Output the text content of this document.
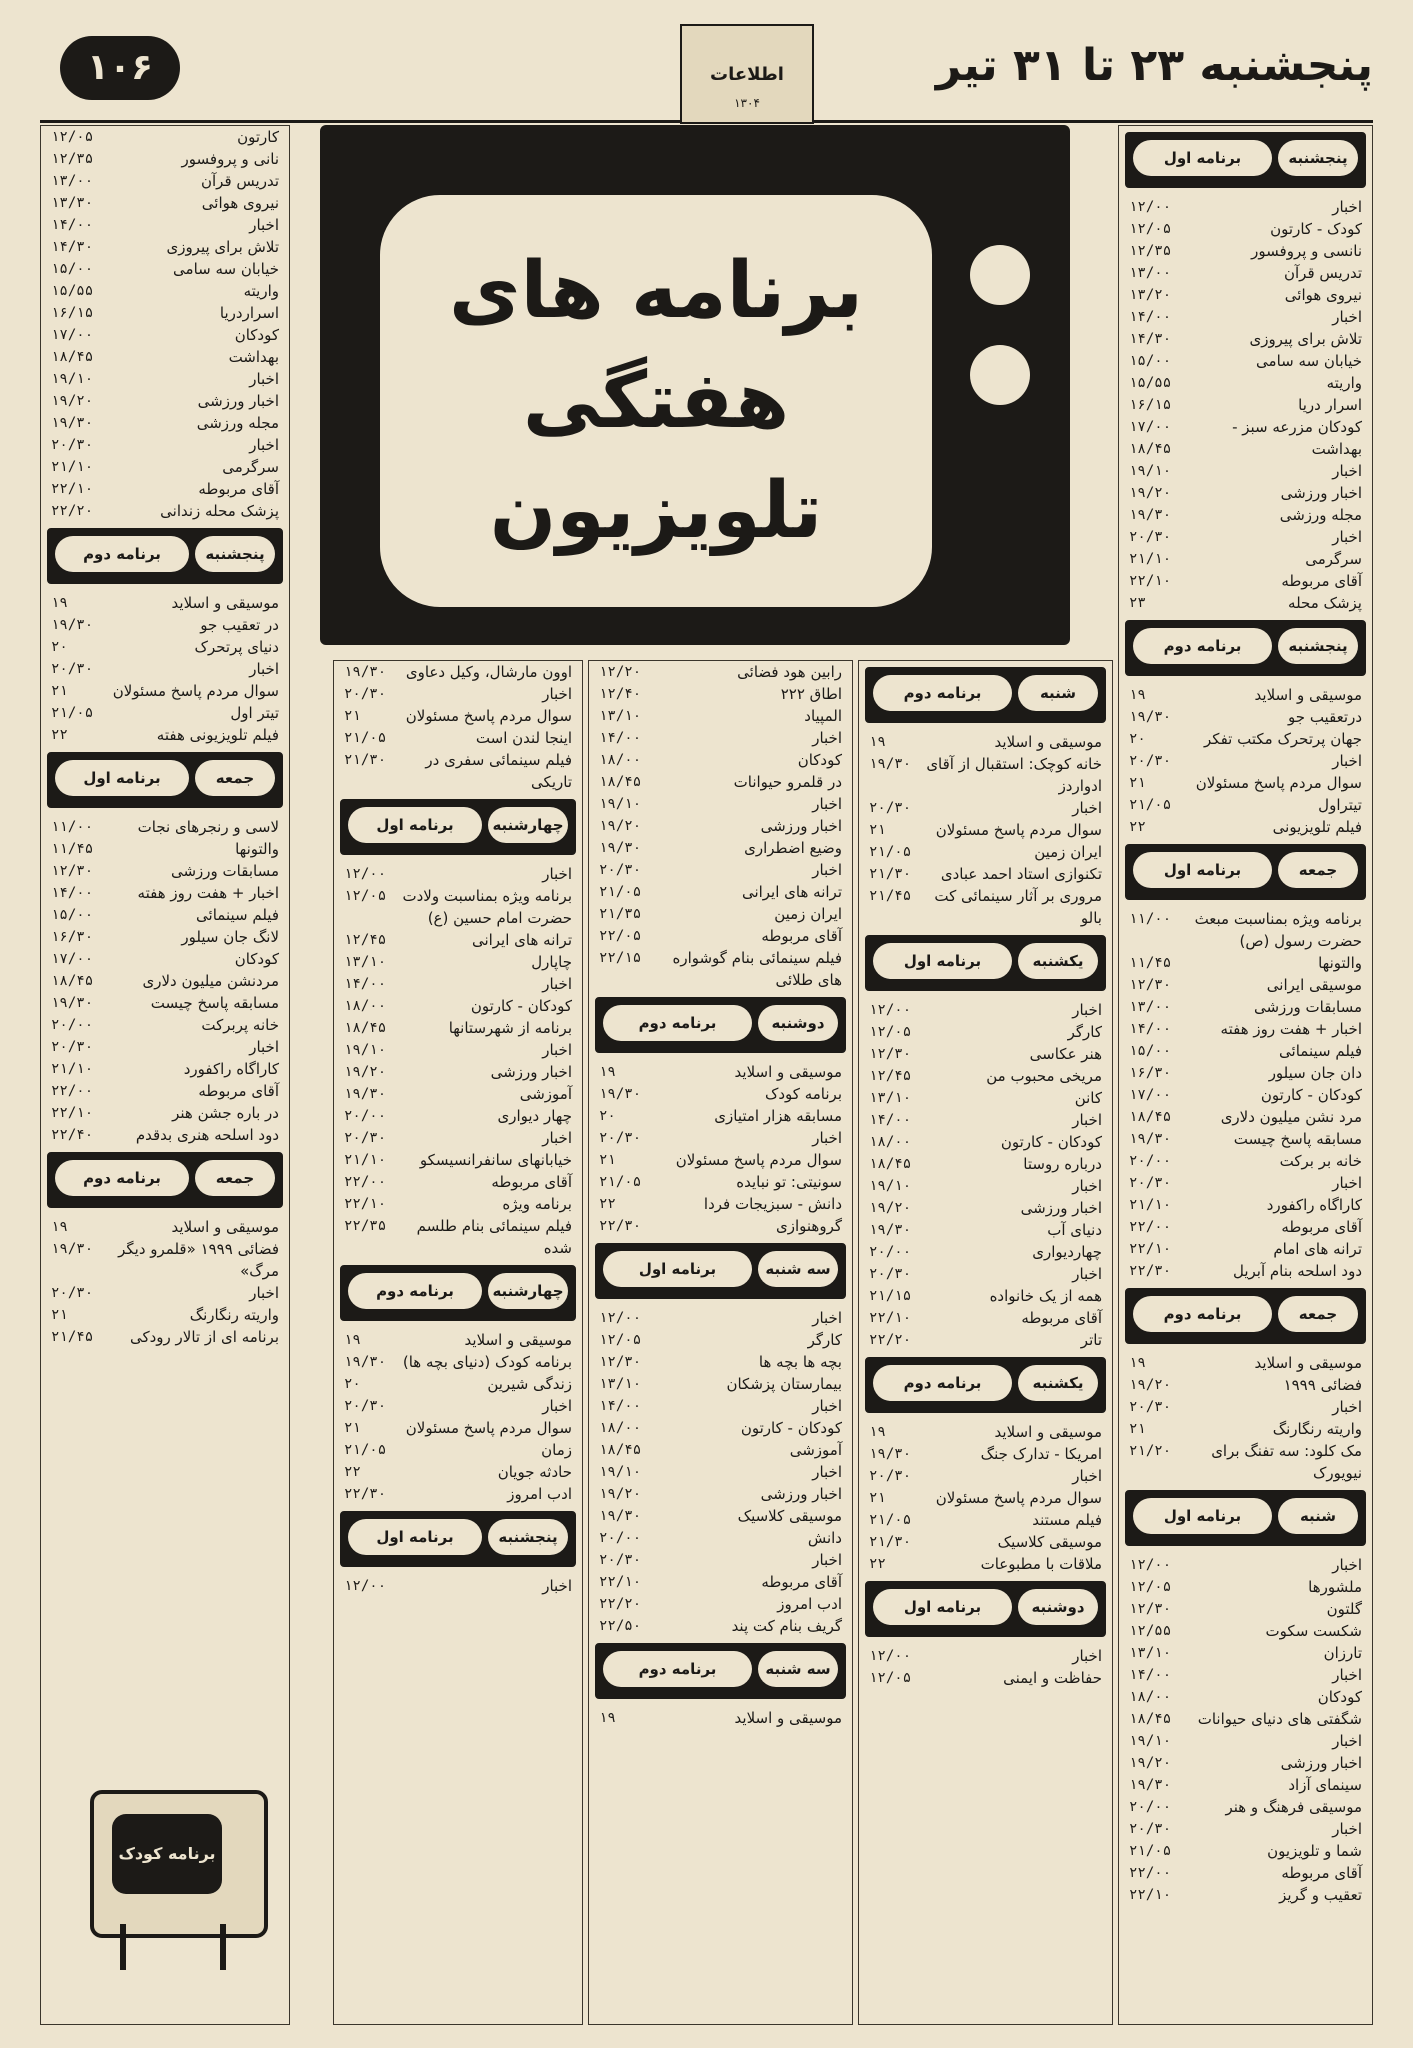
پنجشنبه ۲۳ تا ۳۱ تیر
اطلاعات
۱۳۰۴
۱۰۶
برنامه های
هفتگی
تلویزیون
پنجشنبه
برنامه اول
اخبار
۱۲/۰۰
کودک - کارتون
۱۲/۰۵
نانسی و پروفسور
۱۲/۳۵
تدریس قرآن
۱۳/۰۰
نیروی هوائی
۱۳/۲۰
اخبار
۱۴/۰۰
تلاش برای پیروزی
۱۴/۳۰
خیابان سه سامی
۱۵/۰۰
واریته
۱۵/۵۵
اسرار دریا
۱۶/۱۵
کودکان مزرعه سبز -
۱۷/۰۰
بهداشت
۱۸/۴۵
اخبار
۱۹/۱۰
اخبار ورزشی
۱۹/۲۰
مجله ورزشی
۱۹/۳۰
اخبار
۲۰/۳۰
سرگرمی
۲۱/۱۰
آقای مربوطه
۲۲/۱۰
پزشک محله
۲۳
پنجشنبه
برنامه دوم
موسیقی و اسلاید
۱۹
درتعقیب جو
۱۹/۳۰
جهان پرتحرک مکتب تفکر
۲۰
اخبار
۲۰/۳۰
سوال مردم پاسخ مسئولان
۲۱
تیتراول
۲۱/۰۵
فیلم تلویزیونی
۲۲
جمعه
برنامه اول
برنامه ویژه بمناسبت مبعث حضرت رسول (ص)
۱۱/۰۰
والتونها
۱۱/۴۵
موسیقی ایرانی
۱۲/۳۰
مسابقات ورزشی
۱۳/۰۰
اخبار + هفت روز هفته
۱۴/۰۰
فیلم سینمائی
۱۵/۰۰
دان جان سیلور
۱۶/۳۰
کودکان - کارتون
۱۷/۰۰
مرد نشن میلیون دلاری
۱۸/۴۵
مسابقه پاسخ چیست
۱۹/۳۰
خانه بر برکت
۲۰/۰۰
اخبار
۲۰/۳۰
کاراگاه راکفورد
۲۱/۱۰
آقای مربوطه
۲۲/۰۰
ترانه های امام
۲۲/۱۰
دود اسلحه بنام آبریل
۲۲/۳۰
جمعه
برنامه دوم
موسیقی و اسلاید
۱۹
فضائی ۱۹۹۹
۱۹/۲۰
اخبار
۲۰/۳۰
واریته رنگارنگ
۲۱
مک کلود: سه تفنگ برای نیویورک
۲۱/۲۰
شنبه
برنامه اول
اخبار
۱۲/۰۰
ملشورها
۱۲/۰۵
گلتون
۱۲/۳۰
شکست سکوت
۱۲/۵۵
تارزان
۱۳/۱۰
اخبار
۱۴/۰۰
کودکان
۱۸/۰۰
شگفتی های دنیای حیوانات
۱۸/۴۵
اخبار
۱۹/۱۰
اخبار ورزشی
۱۹/۲۰
سینمای آزاد
۱۹/۳۰
موسیقی فرهنگ و هنر
۲۰/۰۰
اخبار
۲۰/۳۰
شما و تلویزیون
۲۱/۰۵
آقای مربوطه
۲۲/۰۰
تعقیب و گریز
۲۲/۱۰
شنبه
برنامه دوم
موسیقی و اسلاید
۱۹
خانه کوچک: استقبال از آقای ادواردز
۱۹/۳۰
اخبار
۲۰/۳۰
سوال مردم پاسخ مسئولان
۲۱
ایران زمین
۲۱/۰۵
تکنوازی استاد احمد عبادی
۲۱/۳۰
مروری بر آثار سینمائی کت بالو
۲۱/۴۵
یکشنبه
برنامه اول
اخبار
۱۲/۰۰
کارگر
۱۲/۰۵
هنر عکاسی
۱۲/۳۰
مریخی محبوب من
۱۲/۴۵
کانن
۱۳/۱۰
اخبار
۱۴/۰۰
کودکان - کارتون
۱۸/۰۰
درباره روستا
۱۸/۴۵
اخبار
۱۹/۱۰
اخبار ورزشی
۱۹/۲۰
دنیای آب
۱۹/۳۰
چهاردیواری
۲۰/۰۰
اخبار
۲۰/۳۰
همه از یک خانواده
۲۱/۱۵
آقای مربوطه
۲۲/۱۰
تاتر
۲۲/۲۰
یکشنبه
برنامه دوم
موسیقی و اسلاید
۱۹
امریکا - تدارک جنگ
۱۹/۳۰
اخبار
۲۰/۳۰
سوال مردم پاسخ مسئولان
۲۱
فیلم مستند
۲۱/۰۵
موسیقی کلاسیک
۲۱/۳۰
ملاقات با مطبوعات
۲۲
دوشنبه
برنامه اول
اخبار
۱۲/۰۰
حفاظت و ایمنی
۱۲/۰۵
رابین هود فضائی
۱۲/۲۰
اطاق ۲۲۲
۱۲/۴۰
المپیاد
۱۳/۱۰
اخبار
۱۴/۰۰
کودکان
۱۸/۰۰
در قلمرو حیوانات
۱۸/۴۵
اخبار
۱۹/۱۰
اخبار ورزشی
۱۹/۲۰
وضیع اضطراری
۱۹/۳۰
اخبار
۲۰/۳۰
ترانه های ایرانی
۲۱/۰۵
ایران زمین
۲۱/۳۵
آقای مربوطه
۲۲/۰۵
فیلم سینمائی بنام گوشواره های طلائی
۲۲/۱۵
دوشنبه
برنامه دوم
موسیقی و اسلاید
۱۹
برنامه کودک
۱۹/۳۰
مسابقه هزار امتیازی
۲۰
اخبار
۲۰/۳۰
سوال مردم پاسخ مسئولان
۲۱
سونیتی: تو نبایده
۲۱/۰۵
دانش - سبزیجات فردا
۲۲
گروهنوازی
۲۲/۳۰
سه شنبه
برنامه اول
اخبار
۱۲/۰۰
کارگر
۱۲/۰۵
بچه ها بچه ها
۱۲/۳۰
بیمارستان پزشکان
۱۳/۱۰
اخبار
۱۴/۰۰
کودکان - کارتون
۱۸/۰۰
آموزشی
۱۸/۴۵
اخبار
۱۹/۱۰
اخبار ورزشی
۱۹/۲۰
موسیقی کلاسیک
۱۹/۳۰
دانش
۲۰/۰۰
اخبار
۲۰/۳۰
آقای مربوطه
۲۲/۱۰
ادب امروز
۲۲/۲۰
گریف بنام کت پند
۲۲/۵۰
سه شنبه
برنامه دوم
موسیقی و اسلاید
۱۹
اوون مارشال، وکیل دعاوی
۱۹/۳۰
اخبار
۲۰/۳۰
سوال مردم پاسخ مسئولان
۲۱
اینجا لندن است
۲۱/۰۵
فیلم سینمائی سفری در تاریکی
۲۱/۳۰
چهارشنبه
برنامه اول
اخبار
۱۲/۰۰
برنامه ویژه بمناسبت ولادت حضرت امام حسین (ع)
۱۲/۰۵
ترانه های ایرانی
۱۲/۴۵
چاپارل
۱۳/۱۰
اخبار
۱۴/۰۰
کودکان - کارتون
۱۸/۰۰
برنامه از شهرستانها
۱۸/۴۵
اخبار
۱۹/۱۰
اخبار ورزشی
۱۹/۲۰
آموزشی
۱۹/۳۰
چهار دیواری
۲۰/۰۰
اخبار
۲۰/۳۰
خیابانهای سانفرانسیسکو
۲۱/۱۰
آقای مربوطه
۲۲/۰۰
برنامه ویژه
۲۲/۱۰
فیلم سینمائی بنام طلسم شده
۲۲/۳۵
چهارشنبه
برنامه دوم
موسیقی و اسلاید
۱۹
برنامه کودک (دنیای بچه ها)
۱۹/۳۰
زندگی شیرین
۲۰
اخبار
۲۰/۳۰
سوال مردم پاسخ مسئولان
۲۱
زمان
۲۱/۰۵
حادثه جویان
۲۲
ادب امروز
۲۲/۳۰
پنجشنبه
برنامه اول
اخبار
۱۲/۰۰
کارتون
۱۲/۰۵
نانی و پروفسور
۱۲/۳۵
تدریس قرآن
۱۳/۰۰
نیروی هوائی
۱۳/۳۰
اخبار
۱۴/۰۰
تلاش برای پیروزی
۱۴/۳۰
خیابان سه سامی
۱۵/۰۰
واریته
۱۵/۵۵
اسراردریا
۱۶/۱۵
کودکان
۱۷/۰۰
بهداشت
۱۸/۴۵
اخبار
۱۹/۱۰
اخبار ورزشی
۱۹/۲۰
مجله ورزشی
۱۹/۳۰
اخبار
۲۰/۳۰
سرگرمی
۲۱/۱۰
آقای مربوطه
۲۲/۱۰
پزشک محله زندانی
۲۲/۲۰
پنجشنبه
برنامه دوم
موسیقی و اسلاید
۱۹
در تعقیب جو
۱۹/۳۰
دنیای پرتحرک
۲۰
اخبار
۲۰/۳۰
سوال مردم پاسخ مسئولان
۲۱
تیتر اول
۲۱/۰۵
فیلم تلویزیونی هفته
۲۲
جمعه
برنامه اول
لاسی و رنجرهای نجات
۱۱/۰۰
والتونها
۱۱/۴۵
مسابقات ورزشی
۱۲/۳۰
اخبار + هفت روز هفته
۱۴/۰۰
فیلم سینمائی
۱۵/۰۰
لانگ جان سیلور
۱۶/۳۰
کودکان
۱۷/۰۰
مردنشن میلیون دلاری
۱۸/۴۵
مسابقه پاسخ چیست
۱۹/۳۰
خانه پربرکت
۲۰/۰۰
اخبار
۲۰/۳۰
کاراگاه راکفورد
۲۱/۱۰
آقای مربوطه
۲۲/۰۰
در باره جشن هنر
۲۲/۱۰
دود اسلحه هنری بدقدم
۲۲/۴۰
جمعه
برنامه دوم
موسیقی و اسلاید
۱۹
فضائی ۱۹۹۹ «قلمرو دیگر مرگ»
۱۹/۳۰
اخبار
۲۰/۳۰
واریته رنگارنگ
۲۱
برنامه ای از تالار رودکی
۲۱/۴۵
برنامه کودک
